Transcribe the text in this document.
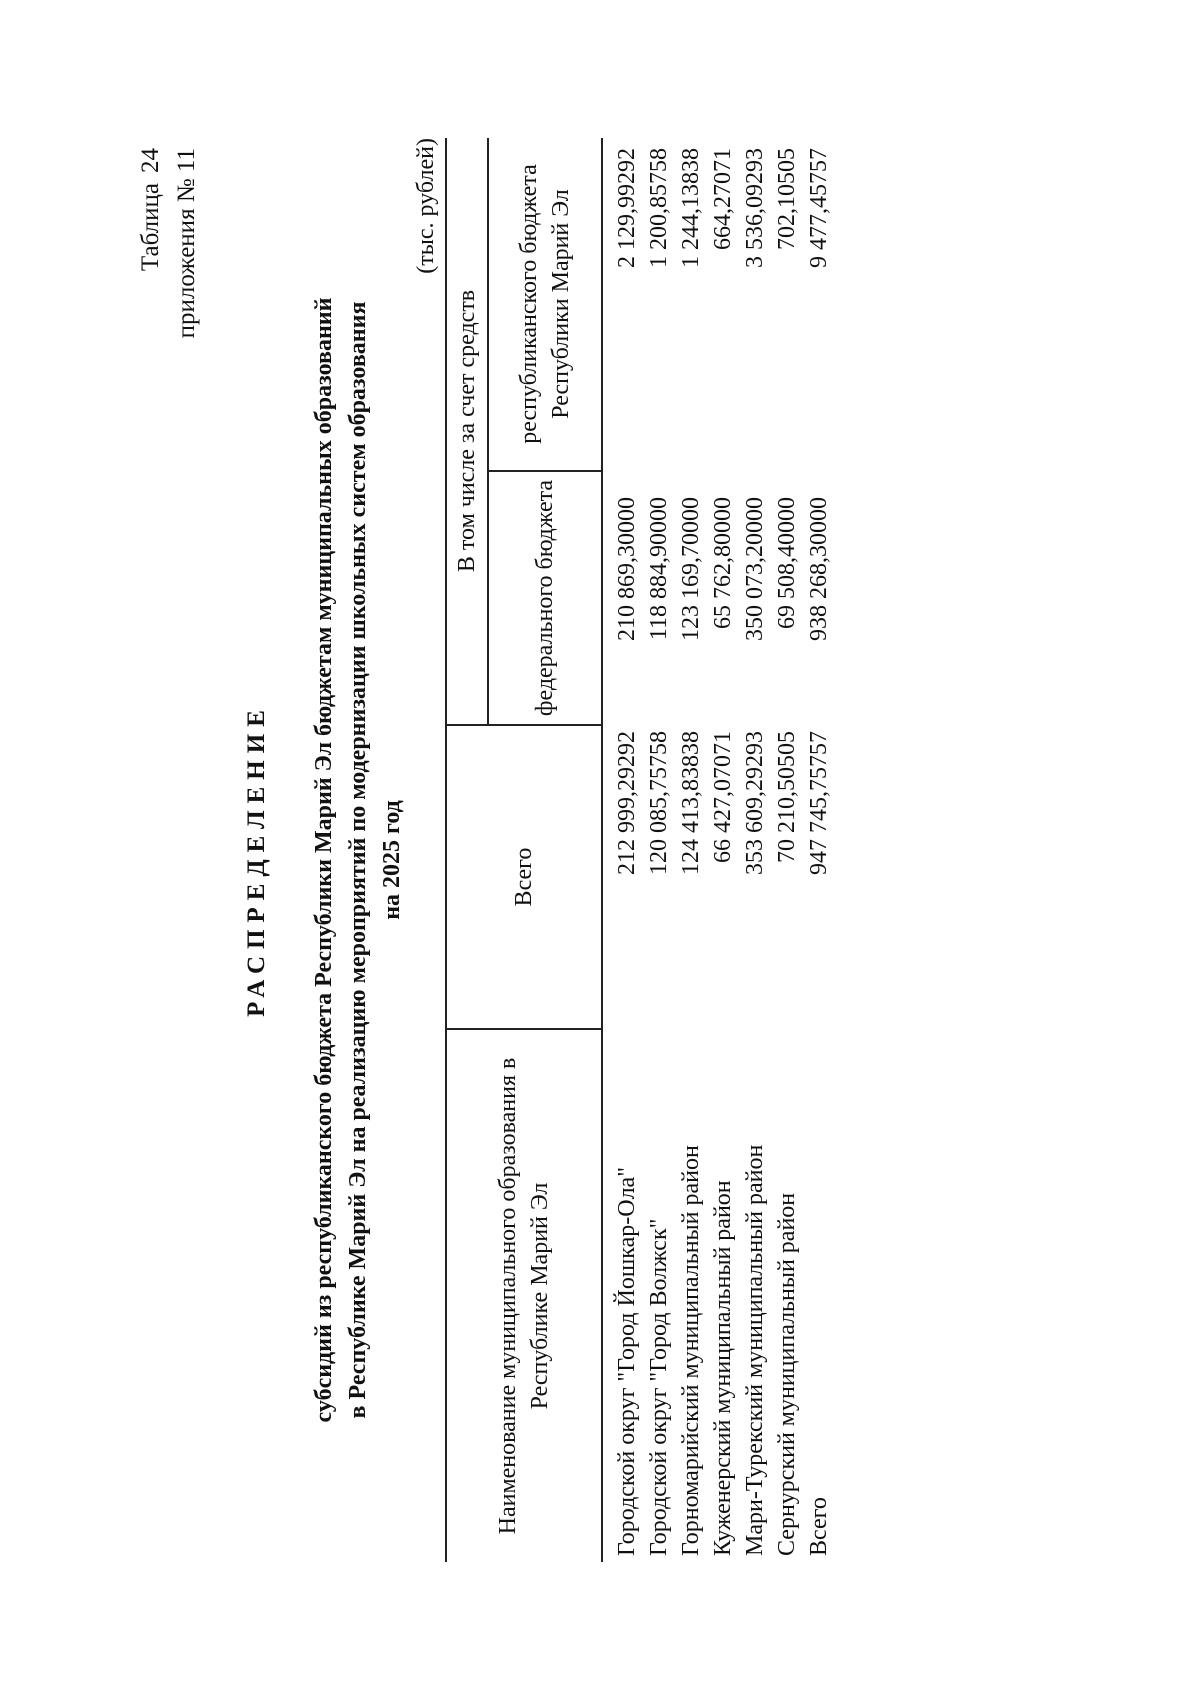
Таблица24 приложения № 11
РАСПРЕДЕЛЕНИЕ субсидий из республиканского бюджета Республики Марий Эл бюджетам муниципальных образований в Республике Марий Эл на реализацию мероприятий по модернизации школьных систем образования на 2025 год
(тыс. рублей)
Наименование муниципального образования в Республике Марий Эл	Всего	В том числе за счет средств	
		федерального бюджета	республиканского бюджета Республики Марий Эл
Городской округ "Город Йошкар-Ола"	212 999,29292	210 869,30000	2 129,99292
Городской округ "Город Волжск"	120 085,75758	118 884,90000	1 200,85758
Горномарийский муниципальный район	124 413,83838	123 169,70000	1 244,13838
Куженерский муниципальный район	66 427,07071	65 762,80000	664,27071
Мари-Турекский муниципальный район	353 609,29293	350 073,20000	3 536,09293
Сернурский муниципальный район	70 210,50505	69 508,40000	702,10505
Всего	947 745,75757	938 268,30000	9 477,45757
